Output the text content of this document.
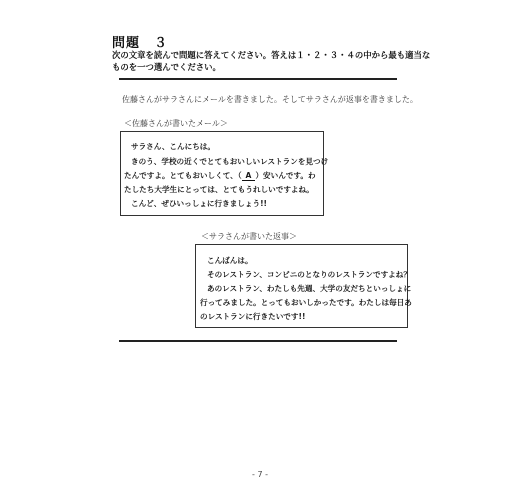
問題　３
次の文章を読んで問題に答えてください。答えは１・２・３・４の中から最も適当な
ものを一つ選んでください。
佐藤さんがサラさんにメールを書きました。そしてサラさんが返事を書きました。
＜佐藤さんが書いたメール＞
サラさん、こんにちは。
きのう、学校の近くでとてもおいしいレストランを見つけ
たんですよ。とてもおいしくて、（ A ）安いんです。わ
たしたち大学生にとっては、とてもうれしいですよね。
こんど、ぜひいっしょに行きましょう!!
＜サラさんが書いた返事＞
こんばんは。
そのレストラン、コンビニのとなりのレストランですよね？
あのレストラン、わたしも先週、大学の友だちといっしょに
行ってみました。とってもおいしかったです。わたしは毎日あ
のレストランに行きたいです!!
- 7 -
